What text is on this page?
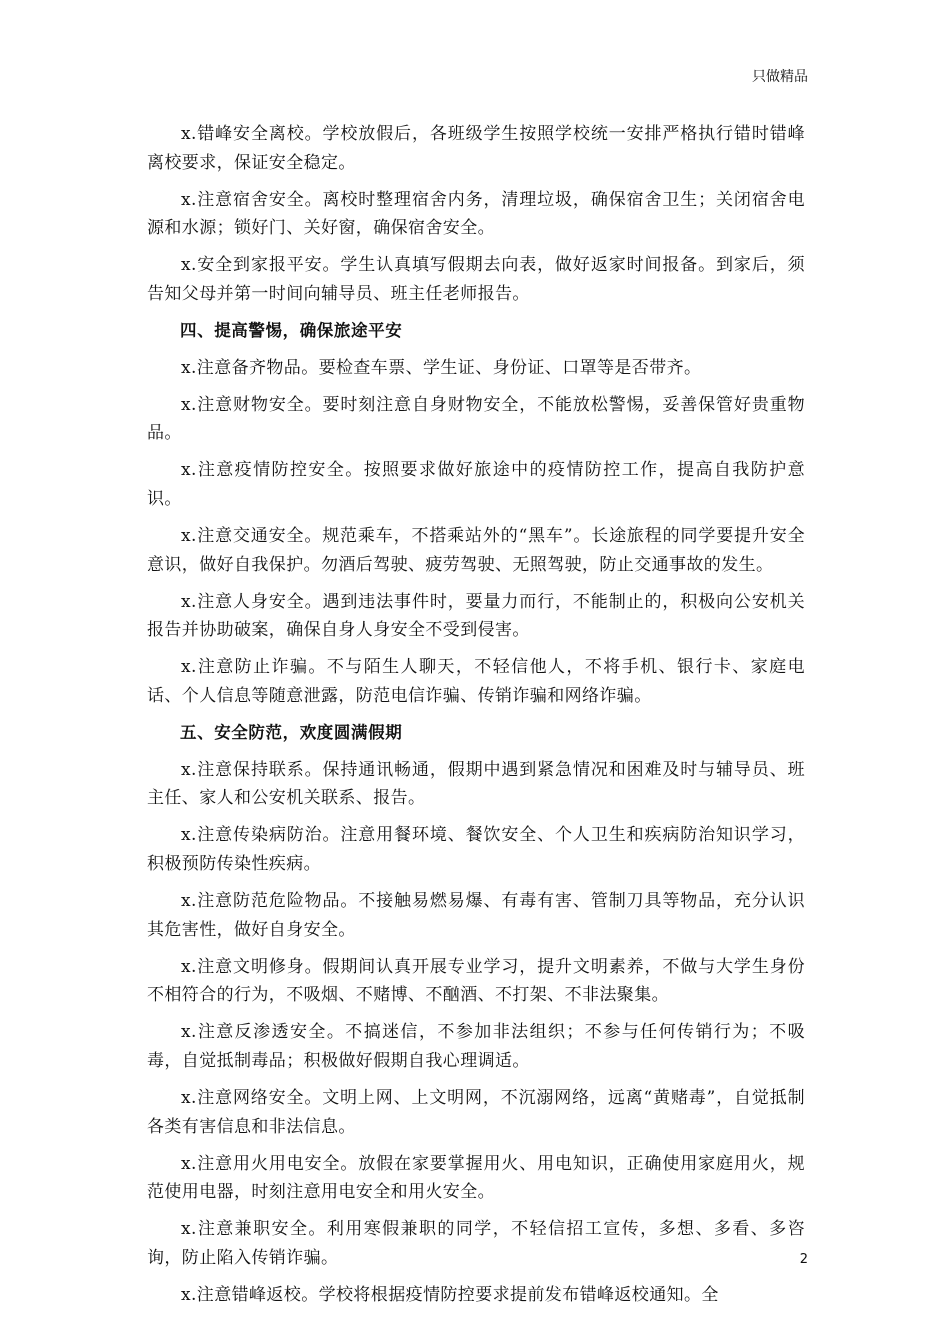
只做精品

x.错峰安全离校。学校放假后，各班级学生按照学校统一安排严格执行错时错峰离校要求，保证安全稳定。

x.注意宿舍安全。离校时整理宿舍内务，清理垃圾，确保宿舍卫生；关闭宿舍电源和水源；锁好门、关好窗，确保宿舍安全。

x.安全到家报平安。学生认真填写假期去向表，做好返家时间报备。到家后，须告知父母并第一时间向辅导员、班主任老师报告。

四、提高警惕，确保旅途平安

x.注意备齐物品。要检查车票、学生证、身份证、口罩等是否带齐。

x.注意财物安全。要时刻注意自身财物安全，不能放松警惕，妥善保管好贵重物品。

x.注意疫情防控安全。按照要求做好旅途中的疫情防控工作，提高自我防护意识。

x.注意交通安全。规范乘车，不搭乘站外的“黑车”。长途旅程的同学要提升安全意识，做好自我保护。勿酒后驾驶、疲劳驾驶、无照驾驶，防止交通事故的发生。

x.注意人身安全。遇到违法事件时，要量力而行，不能制止的，积极向公安机关报告并协助破案，确保自身人身安全不受到侵害。

x.注意防止诈骗。不与陌生人聊天，不轻信他人，不将手机、银行卡、家庭电话、个人信息等随意泄露，防范电信诈骗、传销诈骗和网络诈骗。

五、安全防范，欢度圆满假期

x.注意保持联系。保持通讯畅通，假期中遇到紧急情况和困难及时与辅导员、班主任、家人和公安机关联系、报告。

x.注意传染病防治。注意用餐环境、餐饮安全、个人卫生和疾病防治知识学习，积极预防传染性疾病。

x.注意防范危险物品。不接触易燃易爆、有毒有害、管制刀具等物品，充分认识其危害性，做好自身安全。

x.注意文明修身。假期间认真开展专业学习，提升文明素养，不做与大学生身份不相符合的行为，不吸烟、不赌博、不酗酒、不打架、不非法聚集。

x.注意反渗透安全。不搞迷信，不参加非法组织；不参与任何传销行为；不吸毒，自觉抵制毒品；积极做好假期自我心理调适。

x.注意网络安全。文明上网、上文明网，不沉溺网络，远离“黄赌毒”，自觉抵制各类有害信息和非法信息。

x.注意用火用电安全。放假在家要掌握用火、用电知识，正确使用家庭用火，规范使用电器，时刻注意用电安全和用火安全。

x.注意兼职安全。利用寒假兼职的同学，不轻信招工宣传，多想、多看、多咨询，防止陷入传销诈骗。

x.注意错峰返校。学校将根据疫情防控要求提前发布错峰返校通知。全

2
